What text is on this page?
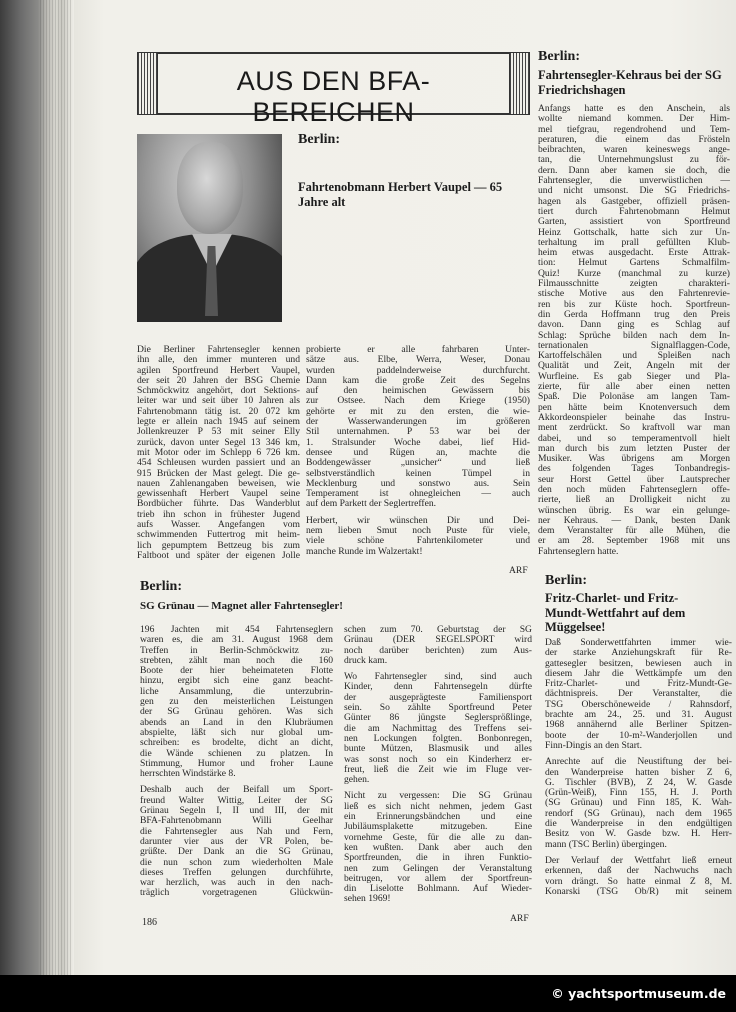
AUS DEN BFA-BEREICHEN
Berlin:
Fahrtenobmann Herbert Vaupel — 65 Jahre alt
Die Berliner Fahrtensegler kennen
ihn alle, den immer munteren und
agilen Sportfreund Herbert Vaupel,
der seit 20 Jahren der BSG Chemie
Schmöckwitz angehört, dort Sektions-
leiter war und seit über 10 Jahren als
Fahrtenobmann tätig ist. 20 072 km
legte er allein nach 1945 auf seinem
Jollenkreuzer P 53 mit seiner Elly
zurück, davon unter Segel 13 346 km,
mit Motor oder im Schlepp 6 726 km.
454 Schleusen wurden passiert und an
915 Brücken der Mast gelegt. Die ge-
nauen Zahlenangaben beweisen, wie
gewissenhaft Herbert Vaupel seine
Bordbücher führte. Das Wanderblut
trieb ihn schon in frühester Jugend
aufs Wasser. Angefangen vom
schwimmenden Futtertrog mit heim-
lich gepumptem Bettzeug bis zum
Faltboot und später der eigenen Jolle
probierte er alle fahrbaren Unter-
sätze aus. Elbe, Werra, Weser, Donau
wurden paddelnderweise durchfurcht.
Dann kam die große Zeit des Segelns
auf den heimischen Gewässern bis
zur Ostsee. Nach dem Kriege (1950)
gehörte er mit zu den ersten, die wie-
der Wasserwanderungen im größeren
Stil unternahmen. P 53 war bei der
1. Stralsunder Woche dabei, lief Hid-
densee und Rügen an, machte die
Boddengewässer „unsicher“ und ließ
selbstverständlich keinen Tümpel in
Mecklenburg und sonstwo aus. Sein
Temperament ist ohnegleichen — auch
auf dem Parkett der Seglertreffen.
Herbert, wir wünschen Dir und Dei-
nem lieben Smut noch Puste für viele,
viele schöne Fahrtenkilometer und
manche Runde im Walzertakt!
ARF
Berlin:
Fahrtensegler-Kehraus bei der SG Friedrichshagen
Anfangs hatte es den Anschein, als
wollte niemand kommen. Der Him-
mel tiefgrau, regendrohend und Tem-
peraturen, die einem das Frösteln
beibrachten, waren keineswegs ange-
tan, die Unternehmungslust zu för-
dern. Dann aber kamen sie doch, die
Fahrtensegler, die unverwüstlichen —
und nicht umsonst. Die SG Friedrichs-
hagen als Gastgeber, offiziell präsen-
tiert durch Fahrtenobmann Helmut
Garten, assistiert von Sportfreund
Heinz Gottschalk, hatte sich zur Un-
terhaltung im prall gefüllten Klub-
heim etwas ausgedacht. Erste Attrak-
tion: Helmut Gartens Schmalfilm-
Quiz! Kurze (manchmal zu kurze)
Filmausschnitte zeigten charakteri-
stische Motive aus den Fahrtenrevie-
ren bis zur Küste hoch. Sportfreun-
din Gerda Hoffmann trug den Preis
davon. Dann ging es Schlag auf
Schlag: Sprüche bilden nach dem In-
ternationalen Signalflaggen-Code,
Kartoffelschälen und Spleißen nach
Qualität und Zeit, Angeln mit der
Wurfleine. Es gab Sieger und Pla-
zierte, für alle aber einen netten
Spaß. Die Polonäse am langen Tam-
pen hätte beim Knotenversuch dem
Akkordeonspieler beinahe das Instru-
ment zerdrückt. So kraftvoll war man
dabei, und so temperamentvoll hielt
man durch bis zum letzten Puster der
Musiker. Was übrigens am Morgen
des folgenden Tages Tonbandregis-
seur Horst Gettel über Lautsprecher
den noch müden Fahrtenseglern offe-
rierte, ließ an Drolligkeit nicht zu
wünschen übrig. Es war ein gelunge-
ner Kehraus. — Dank, besten Dank
dem Veranstalter für alle Mühen, die
er am 28. September 1968 mit uns
Fahrtenseglern hatte.
Berlin:
Fritz-Charlet- und Fritz-Mundt-Wettfahrt auf dem Müggelsee!
Daß Sonderwettfahrten immer wie-
der starke Anziehungskraft für Re-
gattesegler besitzen, bewiesen auch in
diesem Jahr die Wettkämpfe um den
Fritz-Charlet- und Fritz-Mundt-Ge-
dächtnispreis. Der Veranstalter, die
TSG Oberschöneweide / Rahnsdorf,
brachte am 24., 25. und 31. August
1968 annähernd alle Berliner Spitzen-
boote der 10-m²-Wanderjollen und
Finn-Dingis an den Start.
Anrechte auf die Neustiftung der bei-
den Wanderpreise hatten bisher Z 6,
G. Tischler (BVB), Z 24, W. Gasde
(Grün-Weiß), Finn 155, H. J. Porth
(SG Grünau) und Finn 185, K. Wah-
rendorf (SG Grünau), nach dem 1965
die Wanderpreise in den endgültigen
Besitz von W. Gasde bzw. H. Herr-
mann (TSC Berlin) übergingen.
Der Verlauf der Wettfahrt ließ erneut
erkennen, daß der Nachwuchs nach
vorn drängt. So hatte einmal Z 8, M.
Konarski (TSG Ob/R) mit seinem
Berlin:
SG Grünau — Magnet aller Fahrtensegler!
196 Jachten mit 454 Fahrtenseglern
waren es, die am 31. August 1968 dem
Treffen in Berlin-Schmöckwitz zu-
strebten, zählt man noch die 160
Boote der hier beheimateten Flotte
hinzu, ergibt sich eine ganz beacht-
liche Ansammlung, die unterzubrin-
gen zu den meisterlichen Leistungen
der SG Grünau gehören. Was sich
abends an Land in den Klubräumen
abspielte, läßt sich nur global um-
schreiben: es brodelte, dicht an dicht,
die Wände schienen zu platzen. In
Stimmung, Humor und froher Laune
herrschten Windstärke 8.
Deshalb auch der Beifall um Sport-
freund Walter Wittig, Leiter der SG
Grünau Segeln I, II und III, der mit
BFA-Fahrtenobmann Willi Geelhar
die Fahrtensegler aus Nah und Fern,
darunter vier aus der VR Polen, be-
grüßte. Der Dank an die SG Grünau,
die nun schon zum wiederholten Male
dieses Treffen gelungen durchführte,
war herzlich, was auch in den nach-
träglich vorgetragenen Glückwün-
schen zum 70. Geburtstag der SG
Grünau (DER SEGELSPORT wird
noch darüber berichten) zum Aus-
druck kam.
Wo Fahrtensegler sind, sind auch
Kinder, denn Fahrtensegeln dürfte
der ausgeprägteste Familiensport
sein. So zählte Sportfreund Peter
Günter 86 jüngste Seglersprößlinge,
die am Nachmittag des Treffens sei-
nen Lockungen folgten. Bonbonregen,
bunte Mützen, Blasmusik und alles
was sonst noch so ein Kinderherz er-
freut, ließ die Zeit wie im Fluge ver-
gehen.
Nicht zu vergessen: Die SG Grünau
ließ es sich nicht nehmen, jedem Gast
ein Erinnerungsbändchen und eine
Jubiläumsplakette mitzugeben. Eine
vornehme Geste, für die alle zu dan-
ken wußten. Dank aber auch den
Sportfreunden, die in ihren Funktio-
nen zum Gelingen der Veranstaltung
beitrugen, vor allem der Sportfreun-
din Liselotte Bohlmann. Auf Wieder-
sehen 1969!
ARF
186
© yachtsportmuseum.de
